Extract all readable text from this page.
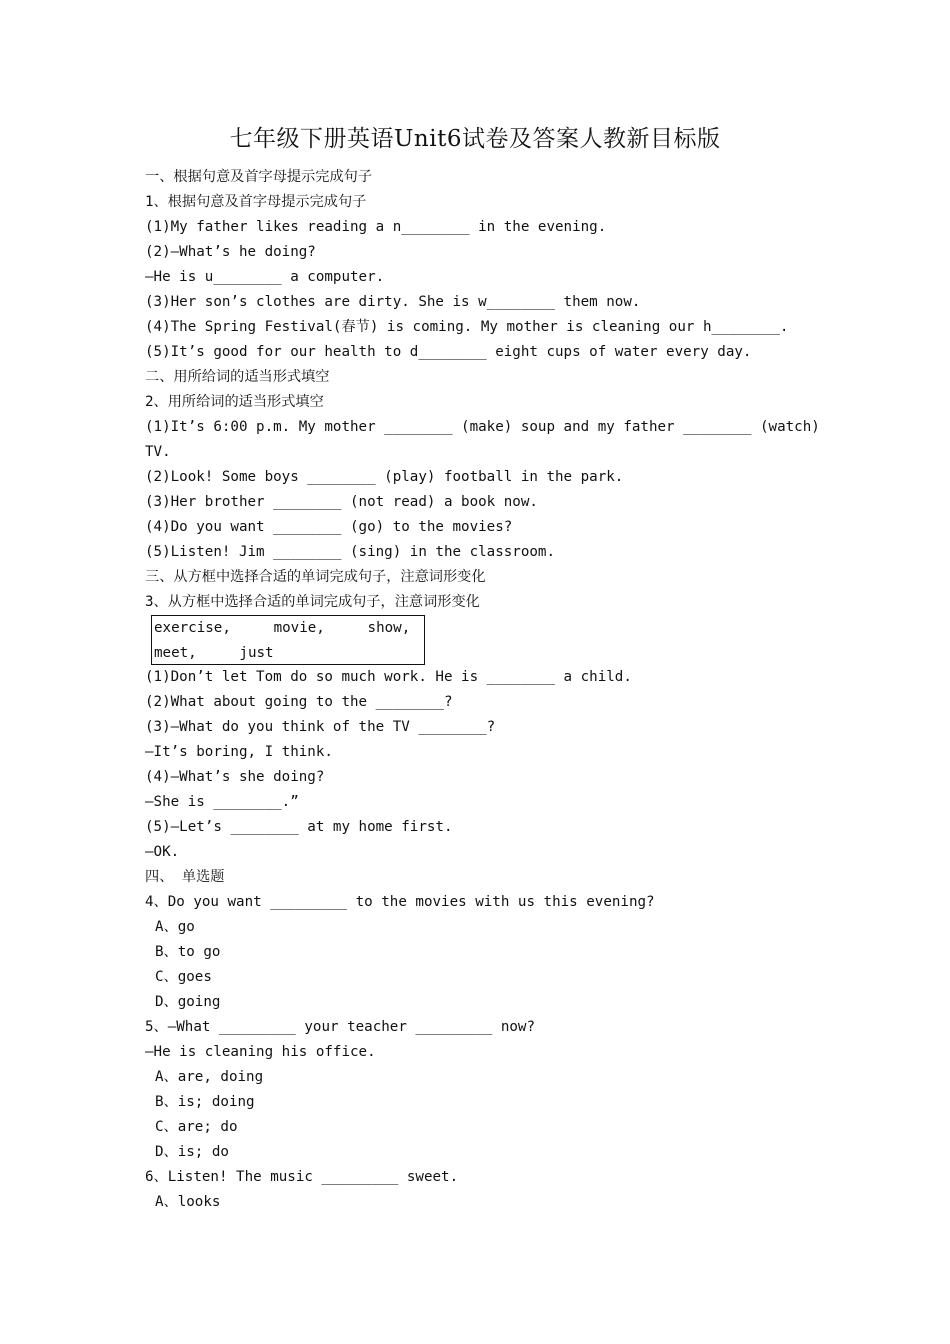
七年级下册英语Unit6试卷及答案人教新目标版
一、根据句意及首字母提示完成句子
1、根据句意及首字母提示完成句子
(1)My father likes reading a n________ in the evening.
(2)—What’s he doing?
—He is u________ a computer.
(3)Her son’s clothes are dirty. She is w________ them now.
(4)The Spring Festival(春节) is coming. My mother is cleaning our h________.
(5)It’s good for our health to d________ eight cups of water every day.
二、用所给词的适当形式填空
2、用所给词的适当形式填空
(1)It’s 6:00 p.m. My mother ________ (make) soup and my father ________ (watch)
TV.
(2)Look! Some boys ________ (play) football in the park.
(3)Her brother ________ (not read) a book now.
(4)Do you want ________ (go) to the movies?
(5)Listen! Jim ________ (sing) in the classroom.
三、从方框中选择合适的单词完成句子，注意词形变化
3、从方框中选择合适的单词完成句子，注意词形变化
exercise,     movie,     show,
meet,     just
(1)Don’t let Tom do so much work. He is ________ a child.
(2)What about going to the ________?
(3)—What do you think of the TV ________?
—It’s boring, I think.
(4)—What’s she doing?
—She is ________.”
(5)—Let’s ________ at my home first.
—OK.
四、 单选题
4、Do you want _________ to the movies with us this evening?
A、go
B、to go
C、goes
D、going
5、—What _________ your teacher _________ now?
—He is cleaning his office.
A、are, doing
B、is; doing
C、are; do
D、is; do
6、Listen! The music _________ sweet.
A、looks
